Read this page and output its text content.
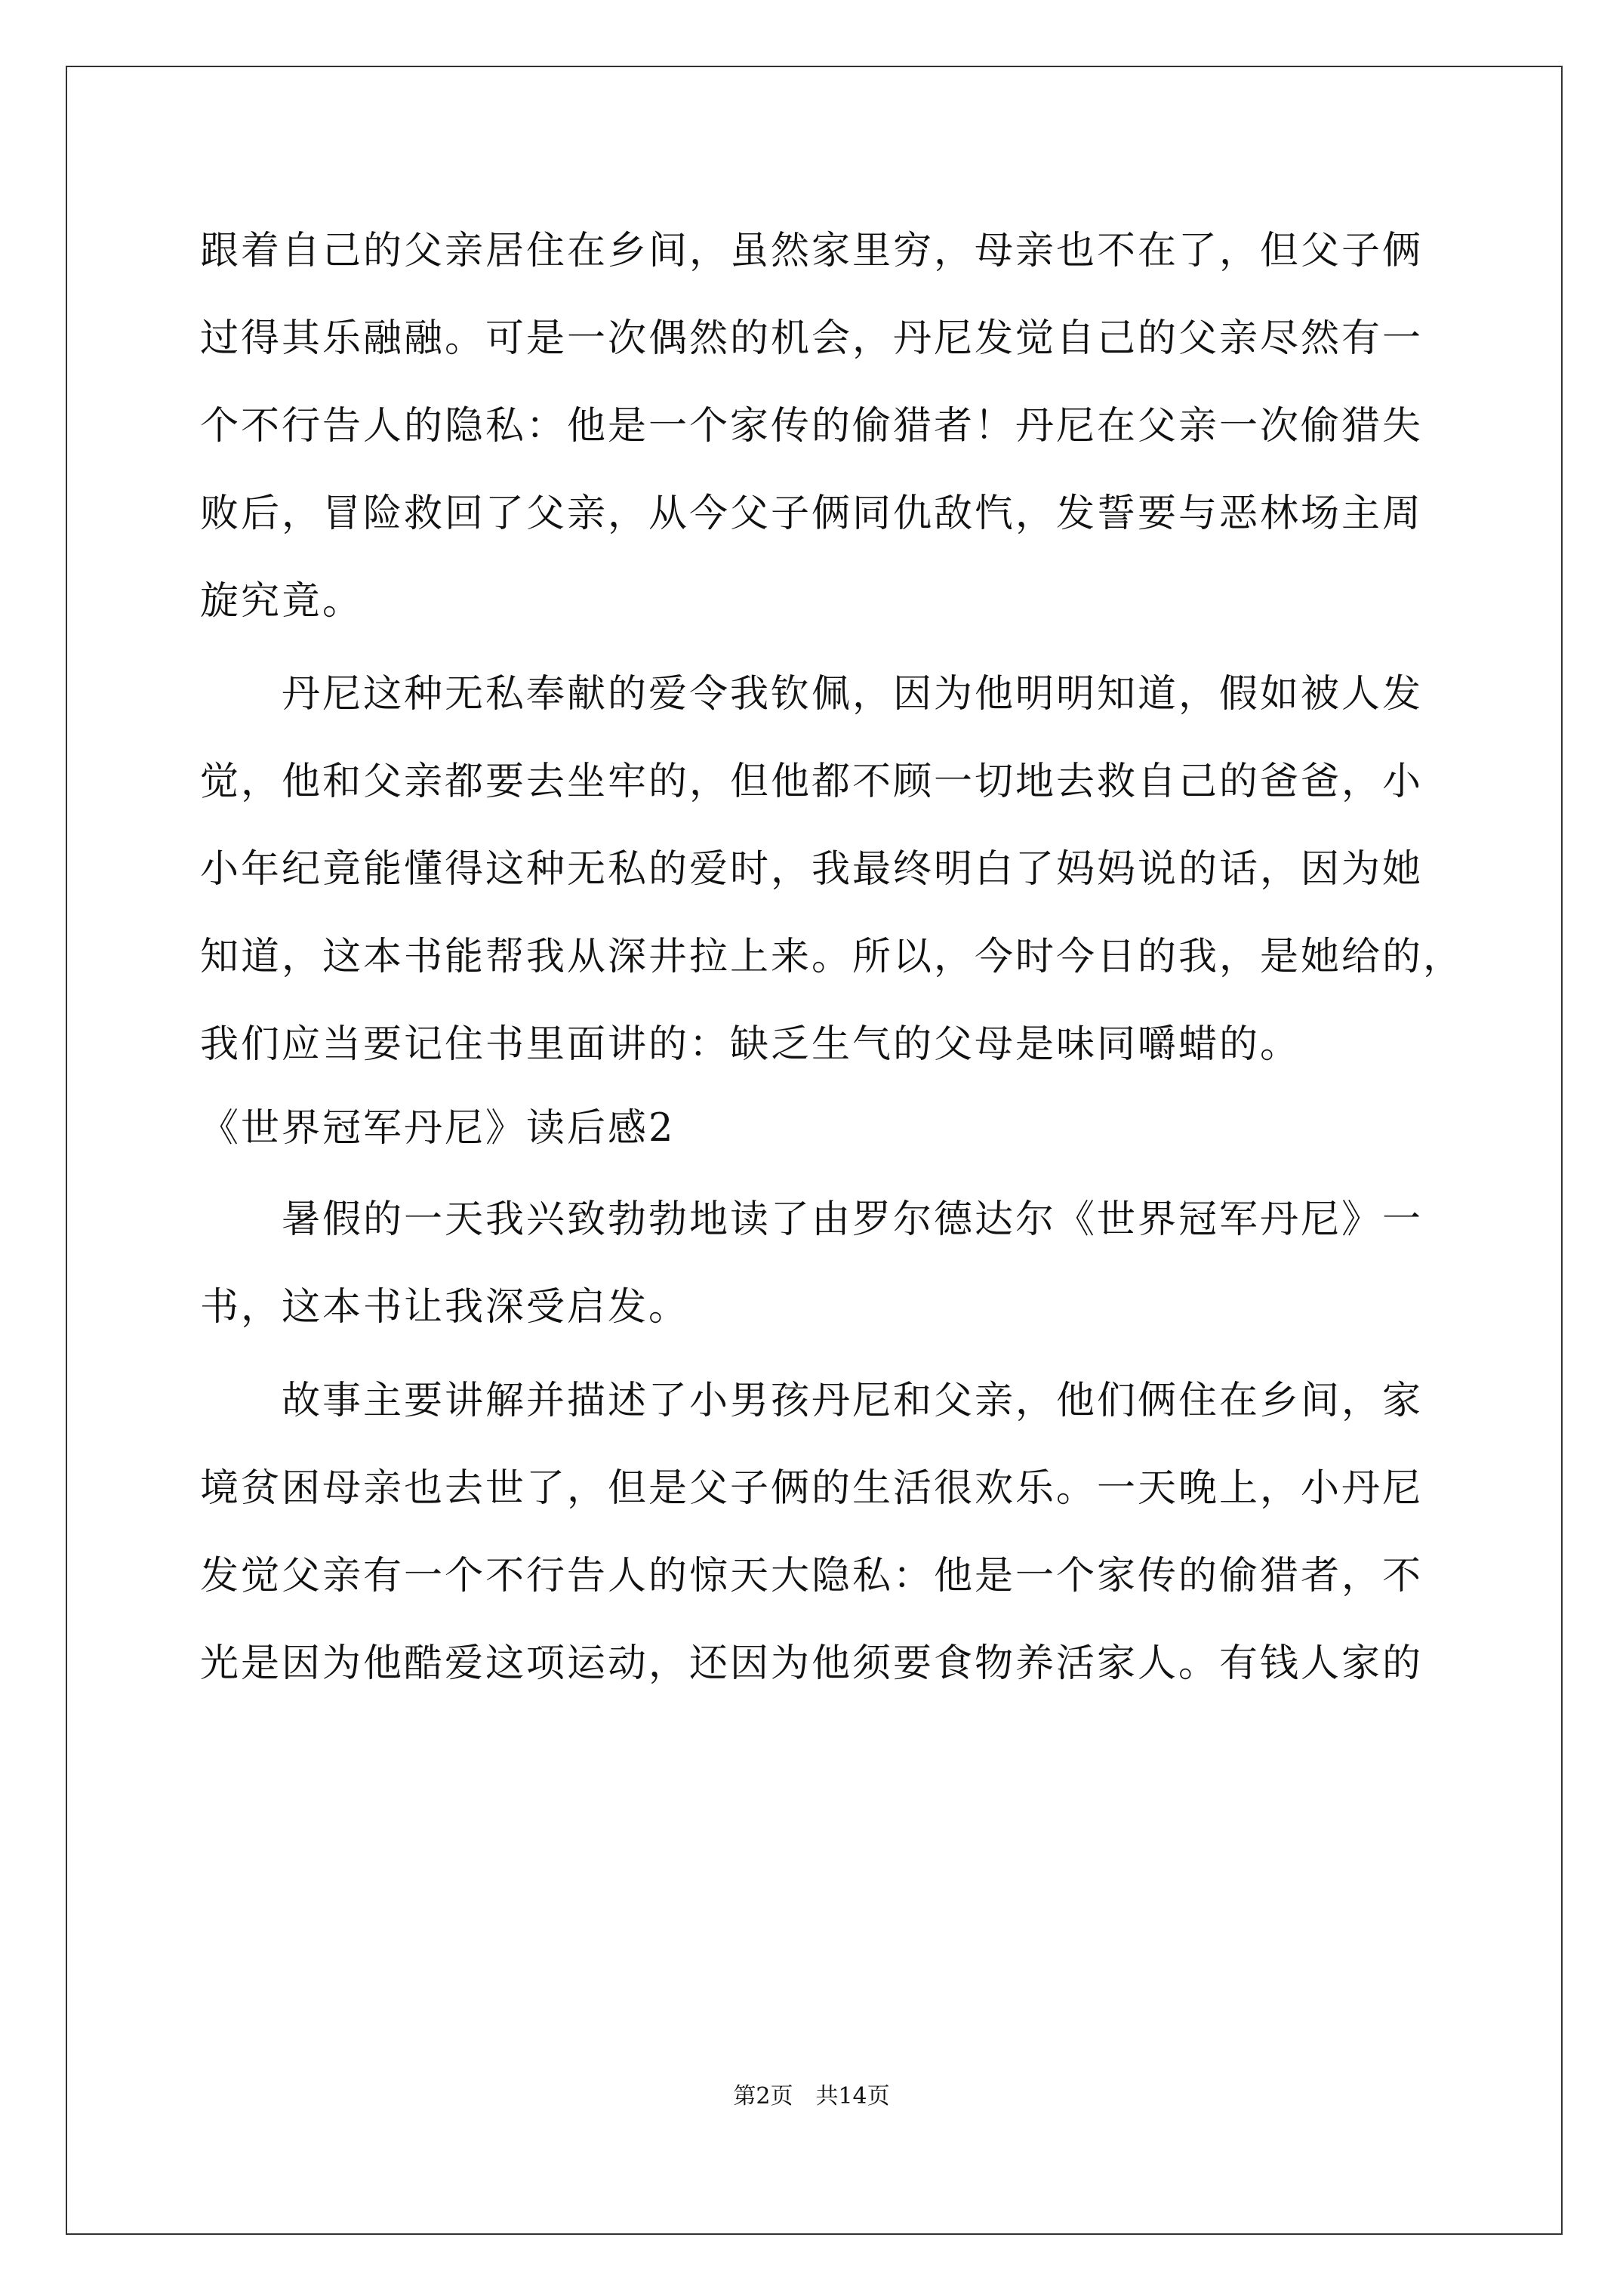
跟着自己的父亲居住在乡间，虽然家里穷，母亲也不在了，但父子俩
过得其乐融融。可是一次偶然的机会，丹尼发觉自己的父亲尽然有一
个不行告人的隐私：他是一个家传的偷猎者！丹尼在父亲一次偷猎失
败后，冒险救回了父亲，从今父子俩同仇敌忾，发誓要与恶林场主周
旋究竟。
　　丹尼这种无私奉献的爱令我钦佩，因为他明明知道，假如被人发
觉，他和父亲都要去坐牢的，但他都不顾一切地去救自己的爸爸，小
小年纪竟能懂得这种无私的爱时，我最终明白了妈妈说的话，因为她
知道，这本书能帮我从深井拉上来。所以，今时今日的我，是她给的，
我们应当要记住书里面讲的：缺乏生气的父母是味同嚼蜡的。
《世界冠军丹尼》读后感2
　　暑假的一天我兴致勃勃地读了由罗尔德达尔《世界冠军丹尼》一
书，这本书让我深受启发。
　　故事主要讲解并描述了小男孩丹尼和父亲，他们俩住在乡间，家
境贫困母亲也去世了，但是父子俩的生活很欢乐。一天晚上，小丹尼
发觉父亲有一个不行告人的惊天大隐私：他是一个家传的偷猎者，不
光是因为他酷爱这项运动，还因为他须要食物养活家人。有钱人家的
第2页　共14页
